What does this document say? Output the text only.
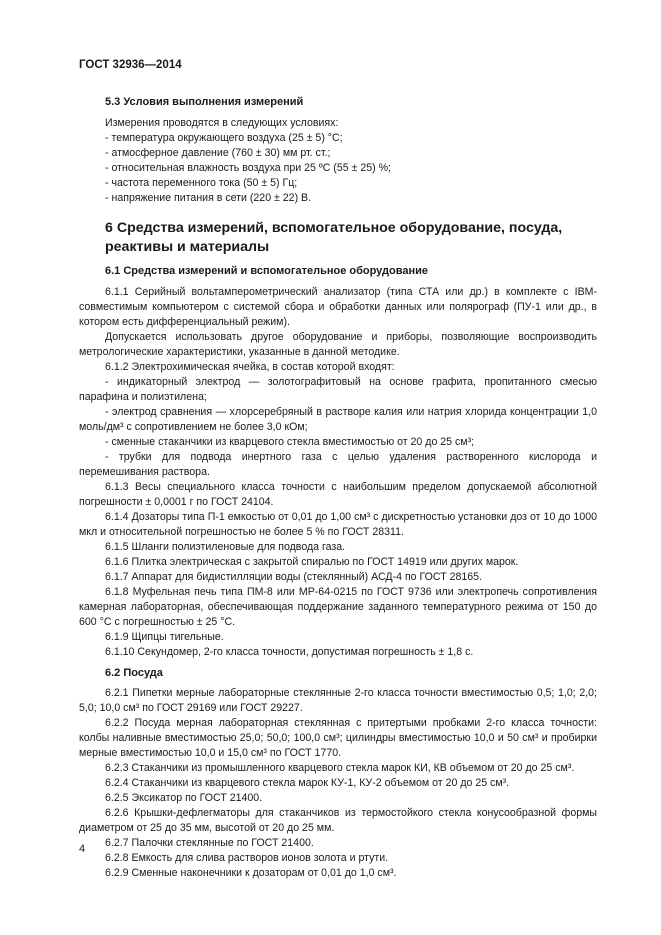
ГОСТ 32936—2014
5.3 Условия выполнения измерений

Измерения проводятся в следующих условиях:

- температура окружающего воздуха (25 ± 5) °С;

- атмосферное давление (760 ± 30) мм рт. ст.;

- относительная влажность воздуха при 25 ºС (55 ± 25) %;

- частота переменного тока (50 ± 5) Гц;

- напряжение питания в сети (220 ± 22) В.

6 Средства измерений, вспомогательное оборудование, посуда, реактивы и материалы
6.1 Средства измерений и вспомогательное оборудование

6.1.1 Серийный вольтамперометрический анализатор (типа СТА или др.) в комплекте с IBM-совместимым компьютером с системой сбора и обработки данных или полярограф (ПУ-1 или др., в котором есть дифференциальный режим).

Допускается использовать другое оборудование и приборы, позволяющие воспроизводить метрологические характеристики, указанные в данной методике.

6.1.2 Электрохимическая ячейка, в состав которой входят:

- индикаторный электрод — золотографитовый на основе графита, пропитанного смесью парафина и полиэтилена;

- электрод сравнения — хлорсеребряный в растворе калия или натрия хлорида концентрации 1,0 моль/дм³ с сопротивлением не более 3,0 кОм;

- сменные стаканчики из кварцевого стекла вместимостью от 20 до 25 см³;

- трубки для подвода инертного газа с целью удаления растворенного кислорода и перемешивания раствора.

6.1.3 Весы специального класса точности с наибольшим пределом допускаемой абсолютной погрешности ± 0,0001 г по ГОСТ 24104.

6.1.4 Дозаторы типа П-1 емкостью от 0,01 до 1,00 см³ с дискретностью установки доз от 10 до 1000 мкл и относительной погрешностью не более 5 % по ГОСТ 28311.

6.1.5 Шланги полиэтиленовые для подвода газа.

6.1.6 Плитка электрическая с закрытой спиралью по ГОСТ 14919 или других марок.

6.1.7 Аппарат для бидистилляции воды (стеклянный) АСД-4 по ГОСТ 28165.

6.1.8 Муфельная печь типа ПМ-8 или МР-64-0215 по ГОСТ 9736 или электропечь сопротивления камерная лабораторная, обеспечивающая поддержание заданного температурного режима от 150 до 600 °С с погрешностью ± 25 °С.

6.1.9 Щипцы тигельные.

6.1.10 Секундомер, 2-го класса точности, допустимая погрешность ± 1,8 с.

6.2 Посуда

6.2.1 Пипетки мерные лабораторные стеклянные 2-го класса точности вместимостью 0,5; 1,0; 2,0; 5,0; 10,0 см³ по ГОСТ 29169 или ГОСТ 29227.

6.2.2 Посуда мерная лабораторная стеклянная с притертыми пробками 2-го класса точности: колбы наливные вместимостью 25,0; 50,0; 100,0 см³; цилиндры вместимостью 10,0 и 50 см³ и пробирки мерные вместимостью 10,0 и 15,0 см³ по ГОСТ 1770.

6.2.3 Стаканчики из промышленного кварцевого стекла марок КИ, КВ объемом от 20 до 25 см³.

6.2.4 Стаканчики из кварцевого стекла марок КУ-1, КУ-2 объемом от 20 до 25 см³.

6.2.5 Эксикатор по ГОСТ 21400.

6.2.6 Крышки-дефлегматоры для стаканчиков из термостойкого стекла конусообразной формы диаметром от 25 до 35 мм, высотой от 20 до 25 мм.

6.2.7 Палочки стеклянные по ГОСТ 21400.

6.2.8 Емкость для слива растворов ионов золота и ртути.

6.2.9 Сменные наконечники к дозаторам от 0,01 до 1,0 см³.

4
